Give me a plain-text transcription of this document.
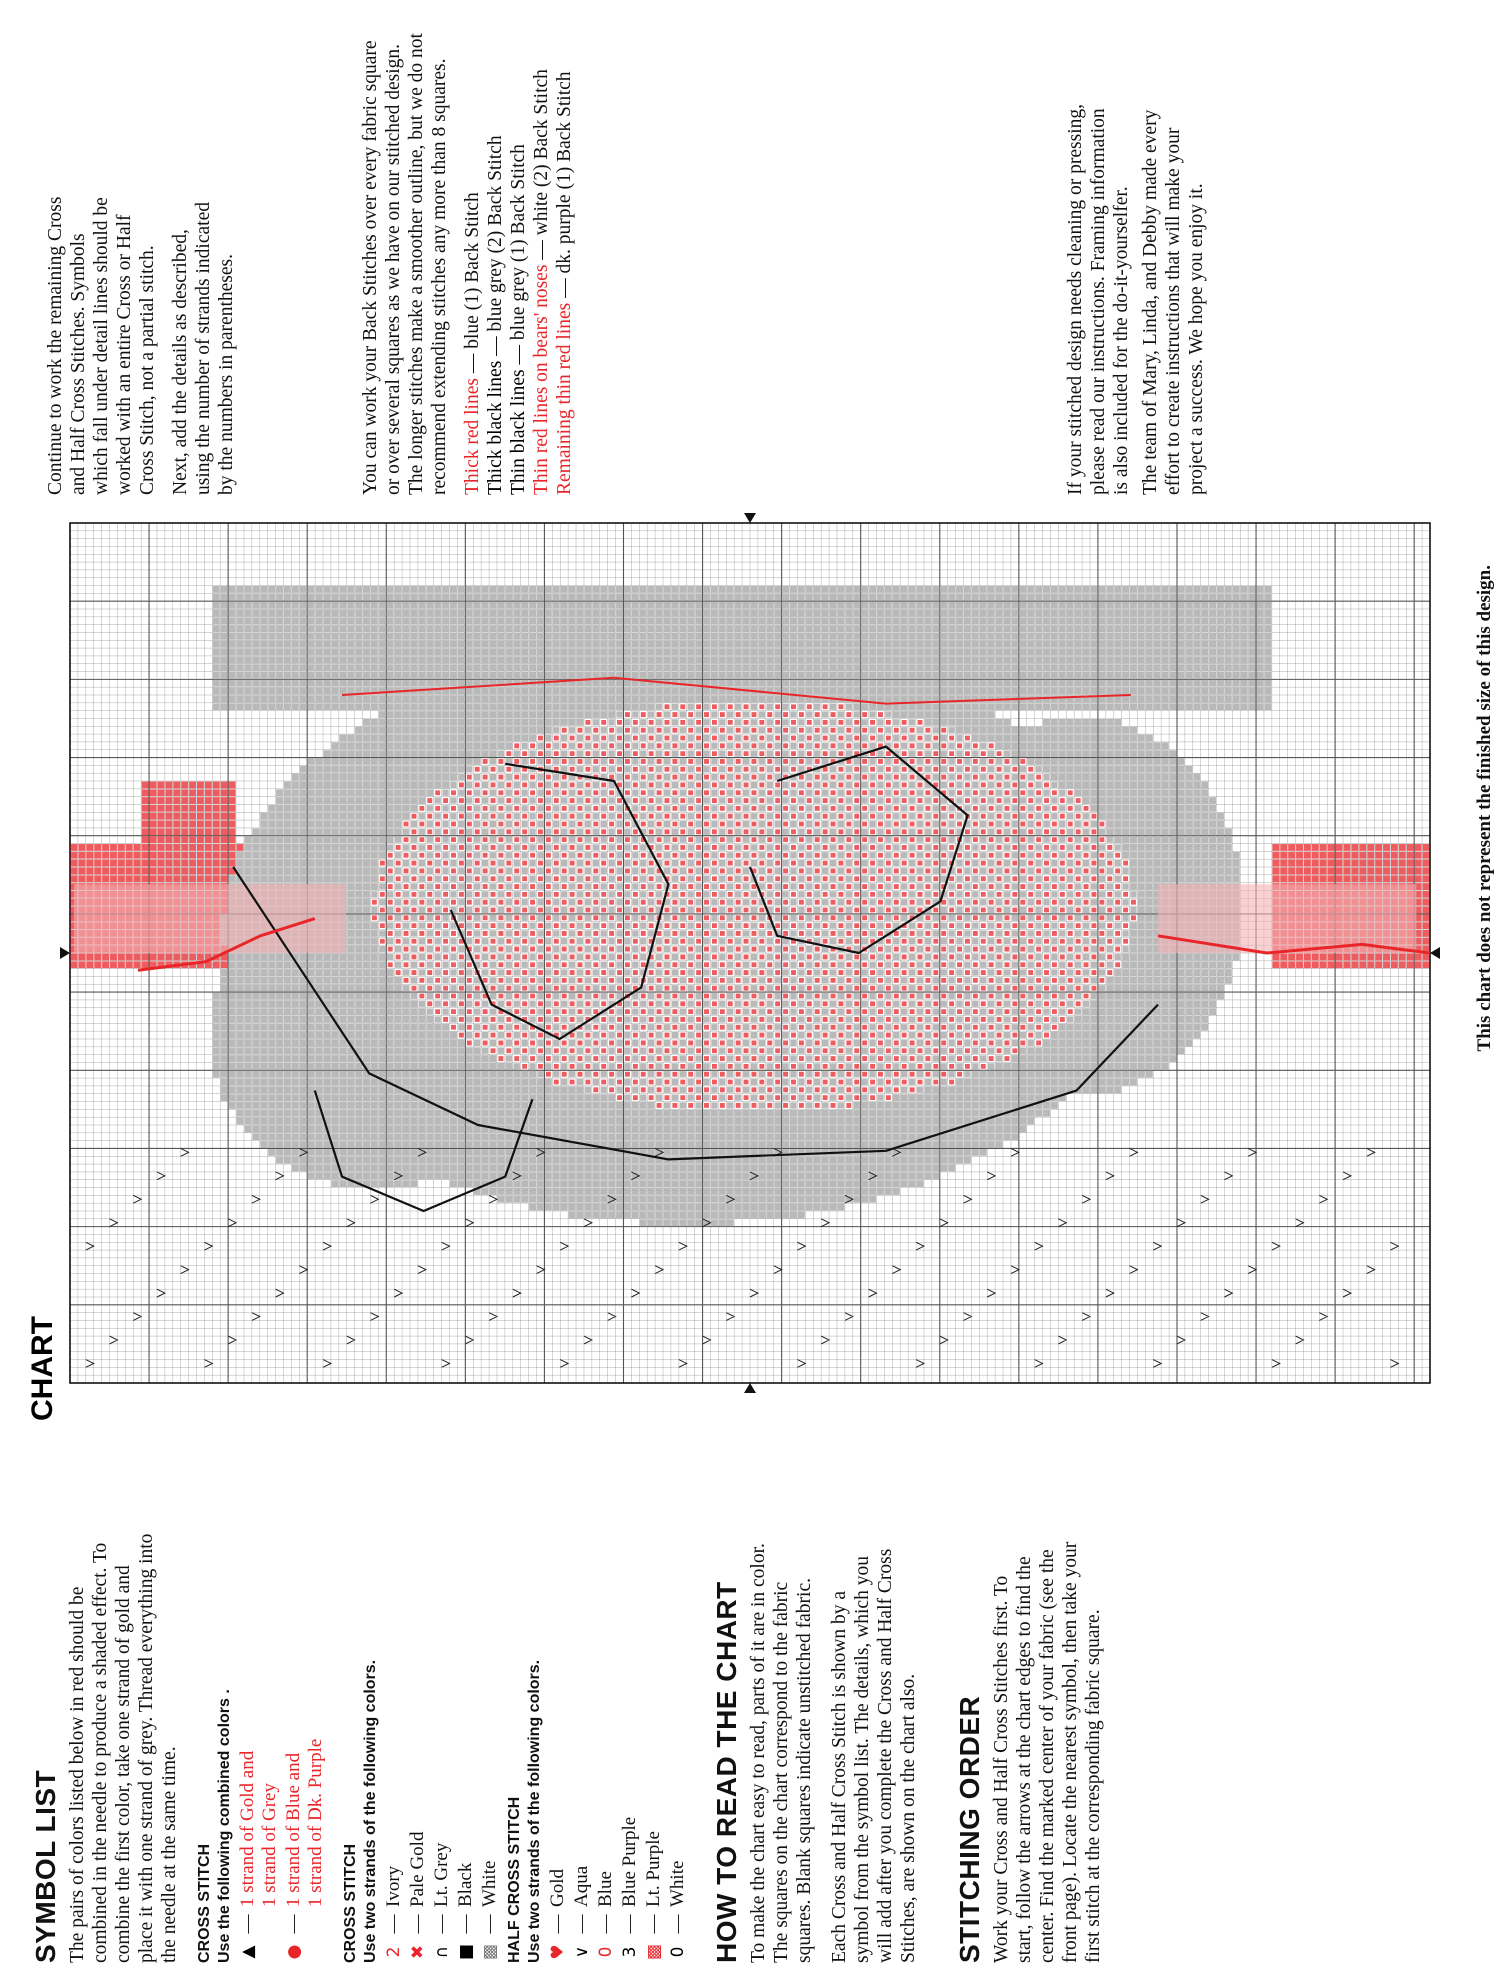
SYMBOL LIST The pairs of colors listed below in red should be combined in the needle to produce a shaded effect. To combine the first color, take one strand of gold and place it with one strand of grey. Thread everything into the needle at the same time. CROSS STITCH Use the following combined colors . ▲
—
1 strand of Gold and 1 strand of Grey
●
—
1 strand of Blue and 1 strand of Dk. Purple CROSS STITCH Use two strands of the following colors. 2
—
Ivory
✖
—
Pale Gold
∩
—
Lt. Grey
■
—
Black
▩
—
White HALF CROSS STITCH Use two strands of the following colors. ♥
—
Gold
∨
—
Aqua
0
—
Blue
3
—
Blue Purple
▩
—
Lt. Purple
0
—
White HOW TO READ THE CHART To make the chart easy to read, parts of it are in color. The squares on the chart correspond to the fabric squares. Blank squares indicate unstitched fabric. Each Cross and Half Cross Stitch is shown by a symbol from the symbol list. The details, which you will add after you complete the Cross and Half Cross Stitches, are shown on the chart also. STITCHING ORDER Work your Cross and Half Cross Stitches first. To start, follow the arrows at the chart edges to find the center. Find the marked center of your fabric (see the front page). Locate the nearest symbol, then take your first stitch at the corresponding fabric square.

CHART
This chart does not represent the finished size of this design.

Continue to work the remaining Cross and Half Cross Stitches. Symbols which fall under detail lines should be worked with an entire Cross or Half Cross Stitch, not a partial stitch. Next, add the details as described, using the number of strands indicated by the numbers in parentheses.	You can work your Back Stitches over every fabric square or over several squares as we have on our stitched design. The longer stitches make a smoother outline, but we do not recommend extending stitches any more than 8 squares. Thick red lines — blue (1) Back Stitch
Thick black lines — blue grey (2) Back Stitch
Thin black lines — blue grey (1) Back Stitch
Thin red lines on bears' noses — white (2) Back Stitch
Remaining thin red lines — dk. purple (1) Back Stitch	If your stitched design needs cleaning or pressing, please read our instructions. Framing information is also included for the do-it-yourselfer. The team of Mary, Linda, and Debby made every effort to create instructions that will make your project a success. We hope you enjoy it.
